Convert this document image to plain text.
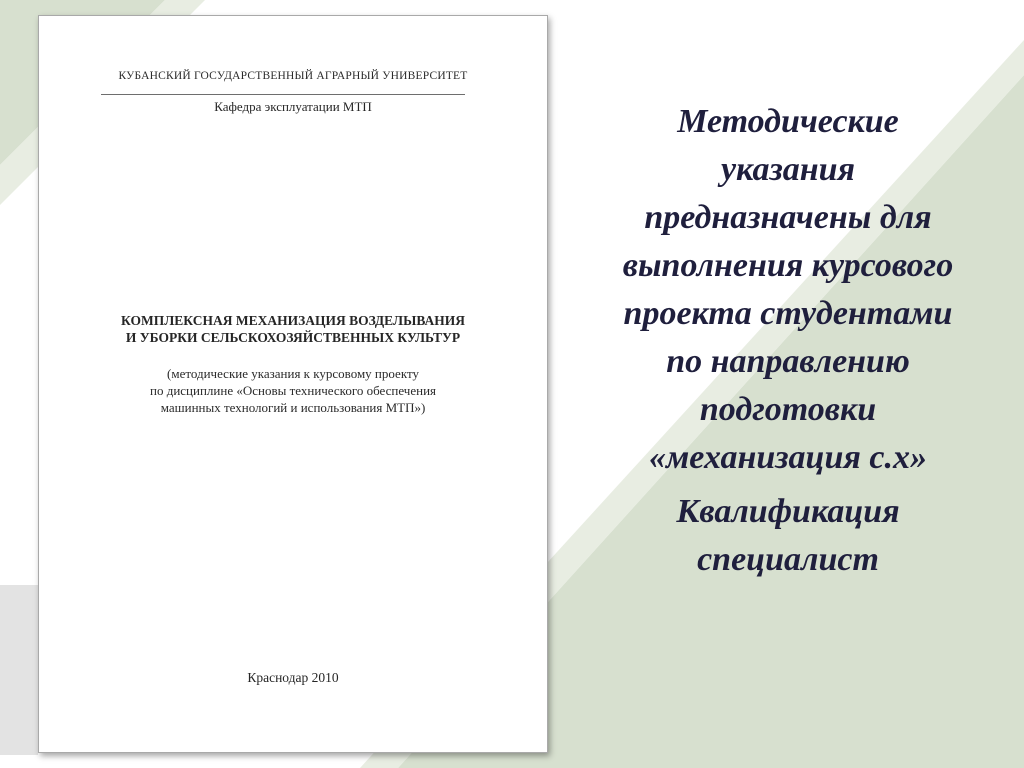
КУБАНСКИЙ ГОСУДАРСТВЕННЫЙ АГРАРНЫЙ УНИВЕРСИТЕТ
Кафедра эксплуатации МТП
КОМПЛЕКСНАЯ МЕХАНИЗАЦИЯ ВОЗДЕЛЫВАНИЯ
И УБОРКИ СЕЛЬСКОХОЗЯЙСТВЕННЫХ КУЛЬТУР
(методические указания к курсовому проекту
по дисциплине «Основы технического обеспечения
машинных технологий и использования МТП»)
Краснодар 2010

Методические
указания
предназначены для
выполнения курсового
проекта студентами
по направлению
подготовки
«механизация с.х»

Квалификация
специалист
